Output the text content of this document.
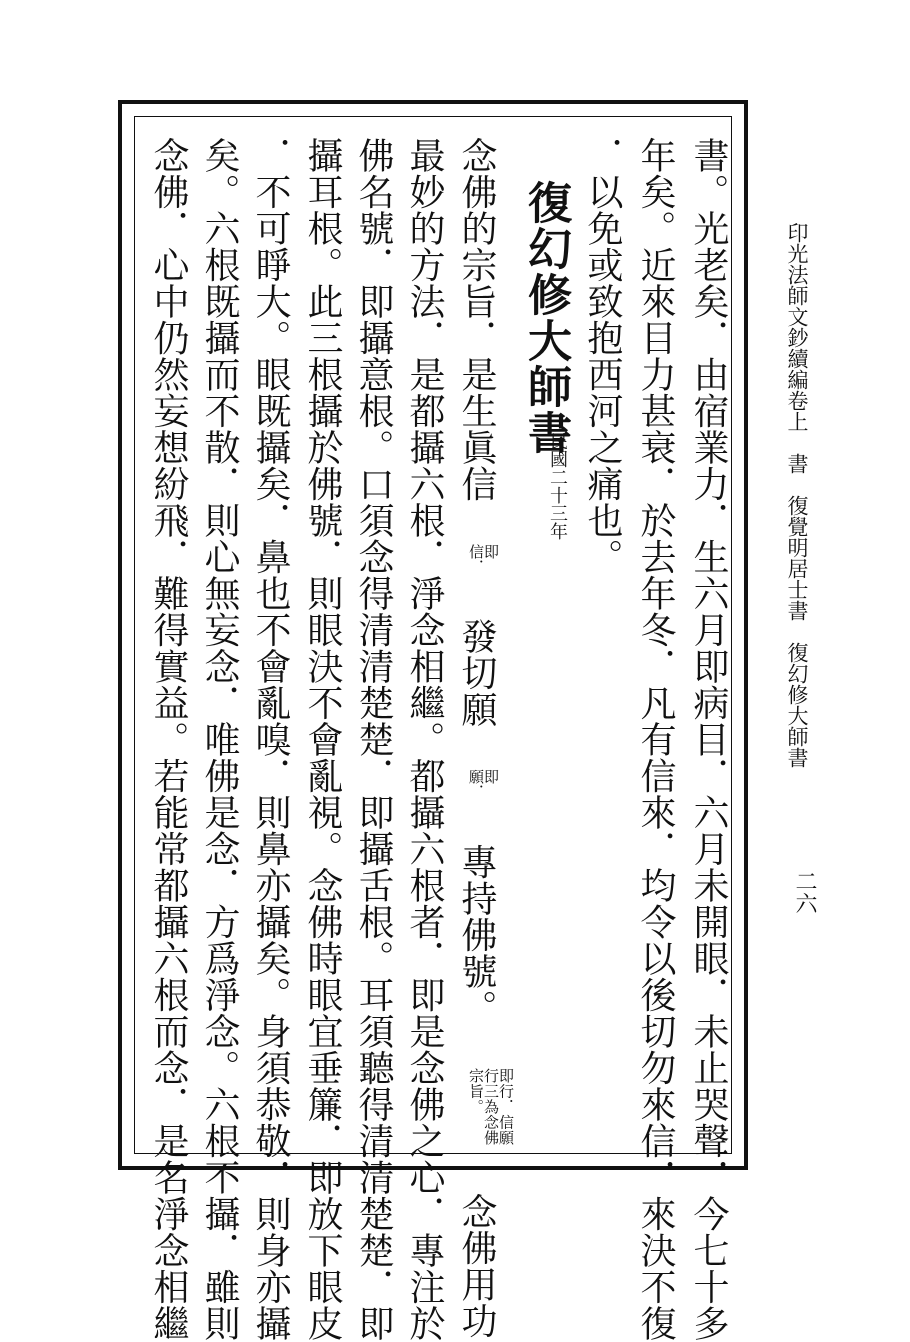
印光法師文鈔續編卷上　書　復覺明居士書　復幻修大師書
二六
書。光老矣．由宿業力．生六月即病目．六月未開眼．未止哭聲．今七十多
年矣。近來目力甚衰．於去年冬．凡有信來．均令以後切勿來信．來決不復
．以免或致抱西河之痛也。
復幻修大師書
民國二十三年
念佛的宗旨．是生眞信 即信． 發切願 即願． 專持佛號。 即行．信願行三為念佛宗旨。 念佛用功
最妙的方法．是都攝六根．淨念相繼。都攝六根者．即是念佛之心．專注於
佛名號．即攝意根。口須念得清清楚楚．即攝舌根。耳須聽得清清楚楚．即
攝耳根。此三根攝於佛號．則眼決不會亂視。念佛時眼宜垂簾．即放下眼皮
．不可睜大。眼既攝矣．鼻也不會亂嗅．則鼻亦攝矣。身須恭敬．則身亦攝
矣。六根既攝而不散．則心無妄念．唯佛是念．方爲淨念。六根不攝．雖則
念佛．心中仍然妄想紛飛．難得實益。若能常都攝六根而念．是名淨念相繼
